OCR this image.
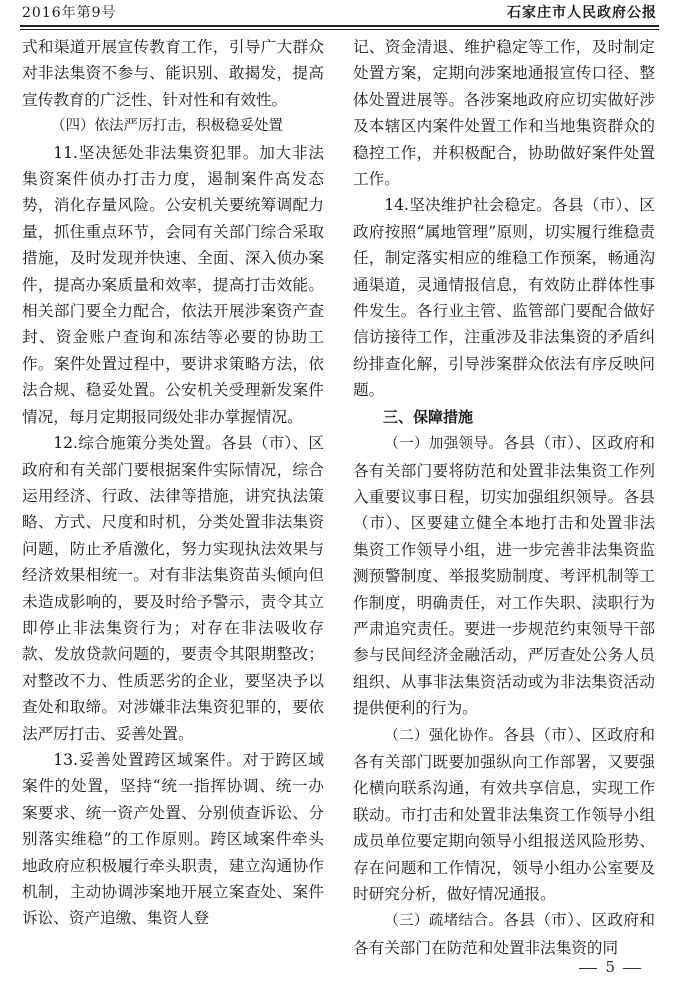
2016年第9号	石家庄市人民政府公报

式和渠道开展宣传教育工作，引导广大群众对非法集资不参与、能识别、敢揭发，提高宣传教育的广泛性、针对性和有效性。

（四）依法严厉打击，积极稳妥处置

11.坚决惩处非法集资犯罪。加大非法集资案件侦办打击力度，遏制案件高发态势，消化存量风险。公安机关要统筹调配力量，抓住重点环节，会同有关部门综合采取措施，及时发现并快速、全面、深入侦办案件，提高办案质量和效率，提高打击效能。相关部门要全力配合，依法开展涉案资产查封、资金账户查询和冻结等必要的协助工作。案件处置过程中，要讲求策略方法，依法合规、稳妥处置。公安机关受理新发案件情况，每月定期报同级处非办掌握情况。

12.综合施策分类处置。各县（市）、区政府和有关部门要根据案件实际情况，综合运用经济、行政、法律等措施，讲究执法策略、方式、尺度和时机，分类处置非法集资问题，防止矛盾激化，努力实现执法效果与经济效果相统一。对有非法集资苗头倾向但未造成影响的，要及时给予警示，责令其立即停止非法集资行为；对存在非法吸收存款、发放贷款问题的，要责令其限期整改；对整改不力、性质恶劣的企业，要坚决予以查处和取缔。对涉嫌非法集资犯罪的，要依法严厉打击、妥善处置。

13.妥善处置跨区域案件。对于跨区域案件的处置，坚持“统一指挥协调、统一办案要求、统一资产处置、分别侦查诉讼、分别落实维稳”的工作原则。跨区域案件牵头地政府应积极履行牵头职责，建立沟通协作机制，主动协调涉案地开展立案查处、案件诉讼、资产追缴、集资人登

记、资金清退、维护稳定等工作，及时制定处置方案，定期向涉案地通报宣传口径、整体处置进展等。各涉案地政府应切实做好涉及本辖区内案件处置工作和当地集资群众的稳控工作，并积极配合，协助做好案件处置工作。

14.坚决维护社会稳定。各县（市）、区政府按照“属地管理”原则，切实履行维稳责任，制定落实相应的维稳工作预案，畅通沟通渠道，灵通情报信息，有效防止群体性事件发生。各行业主管、监管部门要配合做好信访接待工作，注重涉及非法集资的矛盾纠纷排查化解，引导涉案群众依法有序反映问题。

三、保障措施

（一）加强领导。各县（市）、区政府和各有关部门要将防范和处置非法集资工作列入重要议事日程，切实加强组织领导。各县（市）、区要建立健全本地打击和处置非法集资工作领导小组，进一步完善非法集资监测预警制度、举报奖励制度、考评机制等工作制度，明确责任，对工作失职、渎职行为严肃追究责任。要进一步规范约束领导干部参与民间经济金融活动，严厉查处公务人员组织、从事非法集资活动或为非法集资活动提供便利的行为。

（二）强化协作。各县（市）、区政府和各有关部门既要加强纵向工作部署，又要强化横向联系沟通，有效共享信息，实现工作联动。市打击和处置非法集资工作领导小组成员单位要定期向领导小组报送风险形势、存在问题和工作情况，领导小组办公室要及时研究分析，做好情况通报。

（三）疏堵结合。各县（市）、区政府和各有关部门在防范和处置非法集资的同

5
